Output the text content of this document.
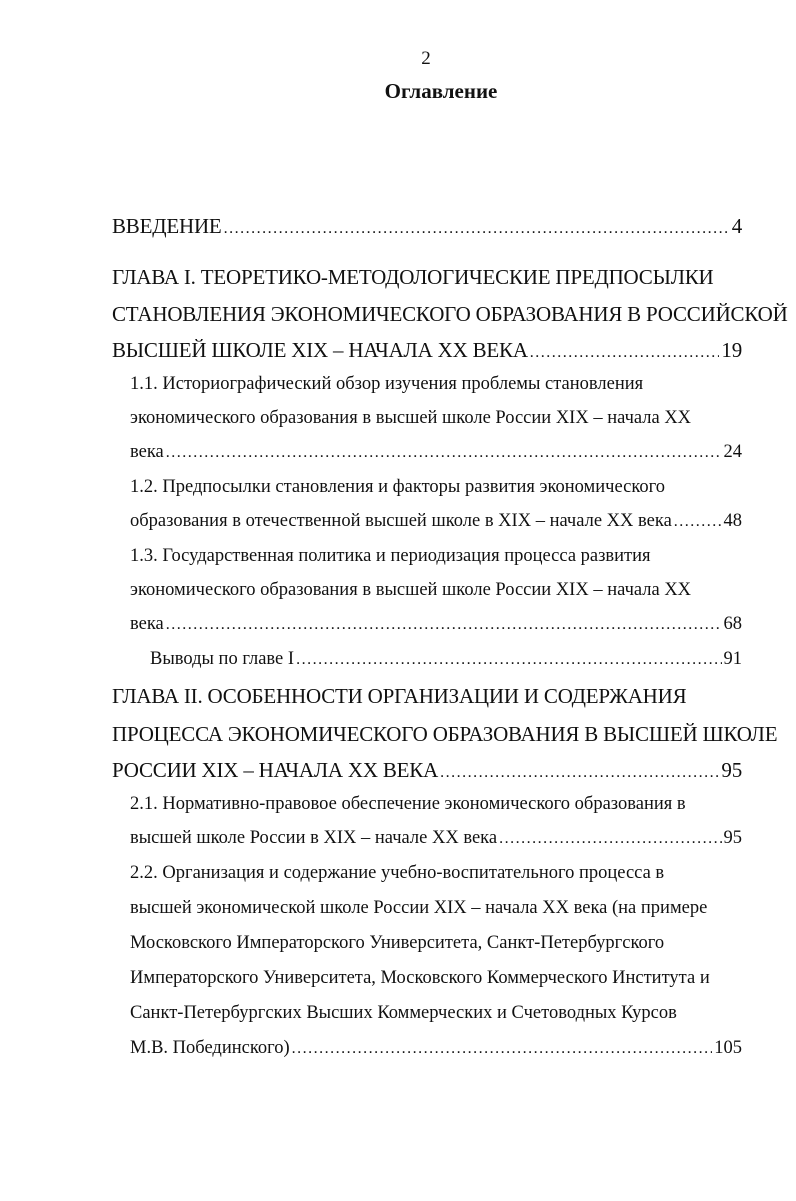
2
Оглавление
ВВЕДЕНИЕ .....	4
ГЛАВА I. ТЕОРЕТИКО-МЕТОДОЛОГИЧЕСКИЕ ПРЕДПОСЫЛКИ
СТАНОВЛЕНИЯ ЭКОНОМИЧЕСКОГО ОБРАЗОВАНИЯ В РОССИЙСКОЙ
ВЫСШЕЙ ШКОЛЕ XIX – НАЧАЛА XX ВЕКА .....	19
1.1. Историографический обзор изучения проблемы становления
экономического образования в высшей школе России XIX – начала XX
века .....	24
1.2. Предпосылки становления и факторы развития экономического
образования в отечественной высшей школе в XIX – начале XX века .....	48
1.3. Государственная политика и периодизация процесса развития
экономического образования в высшей школе России XIX – начала XX
века .....	68
Выводы по главе I .....	91
ГЛАВА II. ОСОБЕННОСТИ ОРГАНИЗАЦИИ И СОДЕРЖАНИЯ
ПРОЦЕССА ЭКОНОМИЧЕСКОГО ОБРАЗОВАНИЯ В ВЫСШЕЙ ШКОЛЕ
РОССИИ XIX – НАЧАЛА XX ВЕКА .....	95
2.1. Нормативно-правовое обеспечение экономического образования в
высшей школе России в XIX – начале XX века .....	95
2.2. Организация и содержание учебно-воспитательного процесса в
высшей экономической школе России XIX – начала XX века (на примере
Московского Императорского Университета, Санкт-Петербургского
Императорского Университета, Московского Коммерческого Института и
Санкт-Петербургских Высших Коммерческих и Счетоводных Курсов
М.В. Побединского) .....	105
